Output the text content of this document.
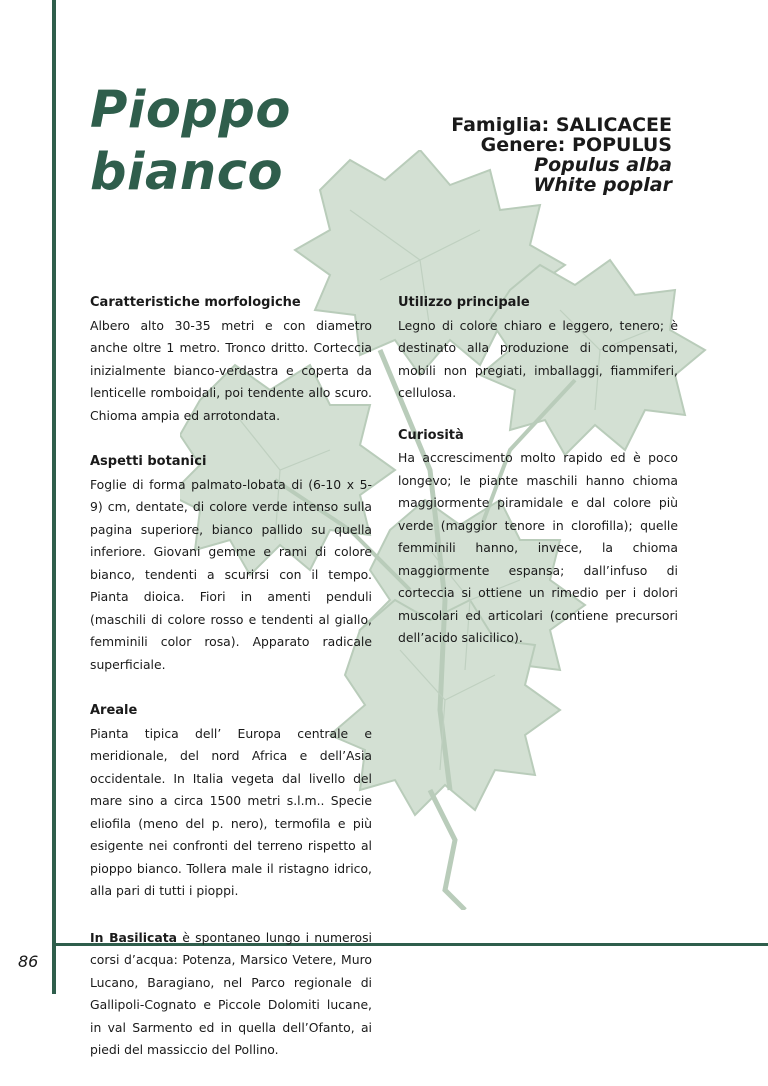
Pioppo
bianco
Famiglia: SALICACEE
Genere: POPULUS
Populus alba
White poplar
Caratteristiche morfologiche
Albero alto 30-35 metri e con diametro anche oltre 1 metro. Tronco dritto. Corteccia inizialmente bianco-verdastra e coperta da lenticelle romboidali, poi tendente allo scuro. Chioma ampia ed arrotondata.
Aspetti botanici
Foglie di forma palmato-lobata di (6-10 x 5-9) cm, dentate, di colore verde intenso sulla pagina superiore, bianco pallido su quella inferiore. Giovani gemme e rami di colore bianco, tendenti a scurirsi con il tempo. Pianta dioica. Fiori in amenti penduli (maschili di colore rosso e tendenti al giallo, femminili color rosa). Apparato radicale superficiale.
Areale
Pianta tipica dell’ Europa centrale e meridionale, del nord Africa e dell’Asia occidentale. In Italia vegeta dal livello del mare sino a circa 1500 metri s.l.m.. Specie eliofila (meno del p. nero), termofila e più esigente nei confronti del terreno rispetto al pioppo bianco. Tollera male il ristagno idrico, alla pari di tutti i pioppi.
In Basilicata è spontaneo lungo i numerosi corsi d’acqua: Potenza, Marsico Vetere, Muro Lucano, Baragiano, nel Parco regionale di Gallipoli-Cognato e Piccole Dolomiti lucane, in val Sarmento ed in quella dell’Ofanto, ai piedi del massiccio del Pollino.
Utilizzo principale
Legno di colore chiaro e leggero, tenero; è destinato alla produzione di compensati, mobili non pregiati, imballaggi, fiammiferi, cellulosa.
Curiosità
Ha accrescimento molto rapido ed è poco longevo; le piante maschili hanno chioma maggiormente piramidale e dal colore più verde (maggior tenore in clorofilla); quelle femminili hanno, invece, la chioma maggiormente espansa; dall’infuso di corteccia si ottiene un rimedio per i dolori muscolari ed articolari (contiene precursori dell’acido salicilico).
86
